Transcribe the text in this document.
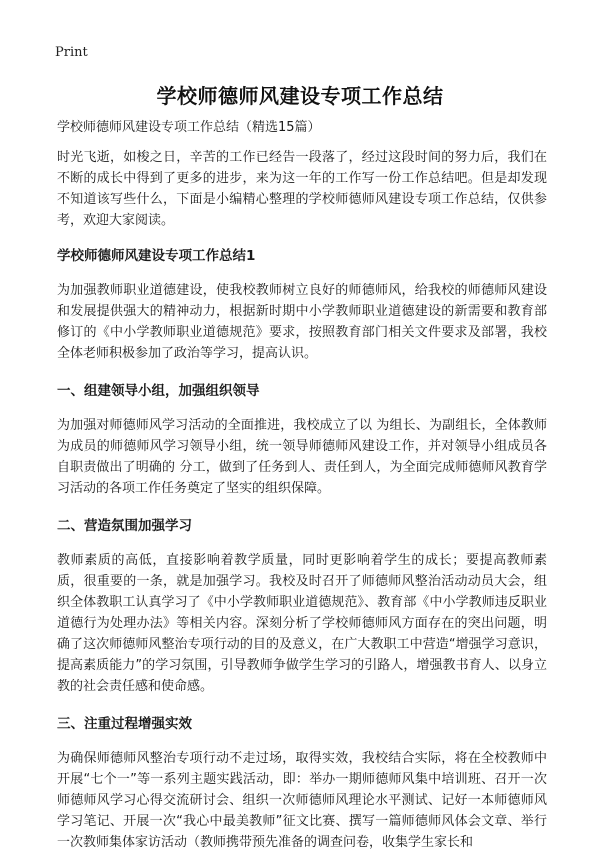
Print
学校师德师风建设专项工作总结

学校师德师风建设专项工作总结（精选15篇）

时光飞逝，如梭之日，辛苦的工作已经告一段落了，经过这段时间的努力后，我们在不断的成长中得到了更多的进步，来为这一年的工作写一份工作总结吧。但是却发现不知道该写些什么，下面是小编精心整理的学校师德师风建设专项工作总结，仅供参考，欢迎大家阅读。

学校师德师风建设专项工作总结1

为加强教师职业道德建设，使我校教师树立良好的师德师风，给我校的师德师风建设和发展提供强大的精神动力，根据新时期中小学教师职业道德建设的新需要和教育部修订的《中小学教师职业道德规范》要求，按照教育部门相关文件要求及部署，我校全体老师积极参加了政治等学习，提高认识。

一、组建领导小组，加强组织领导

为加强对师德师风学习活动的全面推进，我校成立了以 为组长、为副组长，全体教师为成员的师德师风学习领导小组，统一领导师德师风建设工作，并对领导小组成员各自职责做出了明确的 分工，做到了任务到人、责任到人，为全面完成师德师风教育学习活动的各项工作任务奠定了坚实的组织保障。

二、营造氛围加强学习

教师素质的高低，直接影响着教学质量，同时更影响着学生的成长；要提高教师素质，很重要的一条，就是加强学习。我校及时召开了师德师风整治活动动员大会，组织全体教职工认真学习了《中小学教师职业道德规范》、教育部《中小学教师违反职业道德行为处理办法》等相关内容。深刻分析了学校师德师风方面存在的突出问题，明确了这次师德师风整治专项行动的目的及意义，在广大教职工中营造“增强学习意识，提高素质能力”的学习氛围，引导教师争做学生学习的引路人，增强教书育人、以身立教的社会责任感和使命感。

三、注重过程增强实效

为确保师德师风整治专项行动不走过场，取得实效，我校结合实际，将在全校教师中开展“七个一”等一系列主题实践活动，即：举办一期师德师风集中培训班、召开一次师德师风学习心得交流研讨会、组织一次师德师风理论水平测试、记好一本师德师风学习笔记、开展一次“我心中最美教师”征文比赛、撰写一篇师德师风体会文章、举行一次教师集体家访活动（教师携带预先准备的调查问卷，收集学生家长和
